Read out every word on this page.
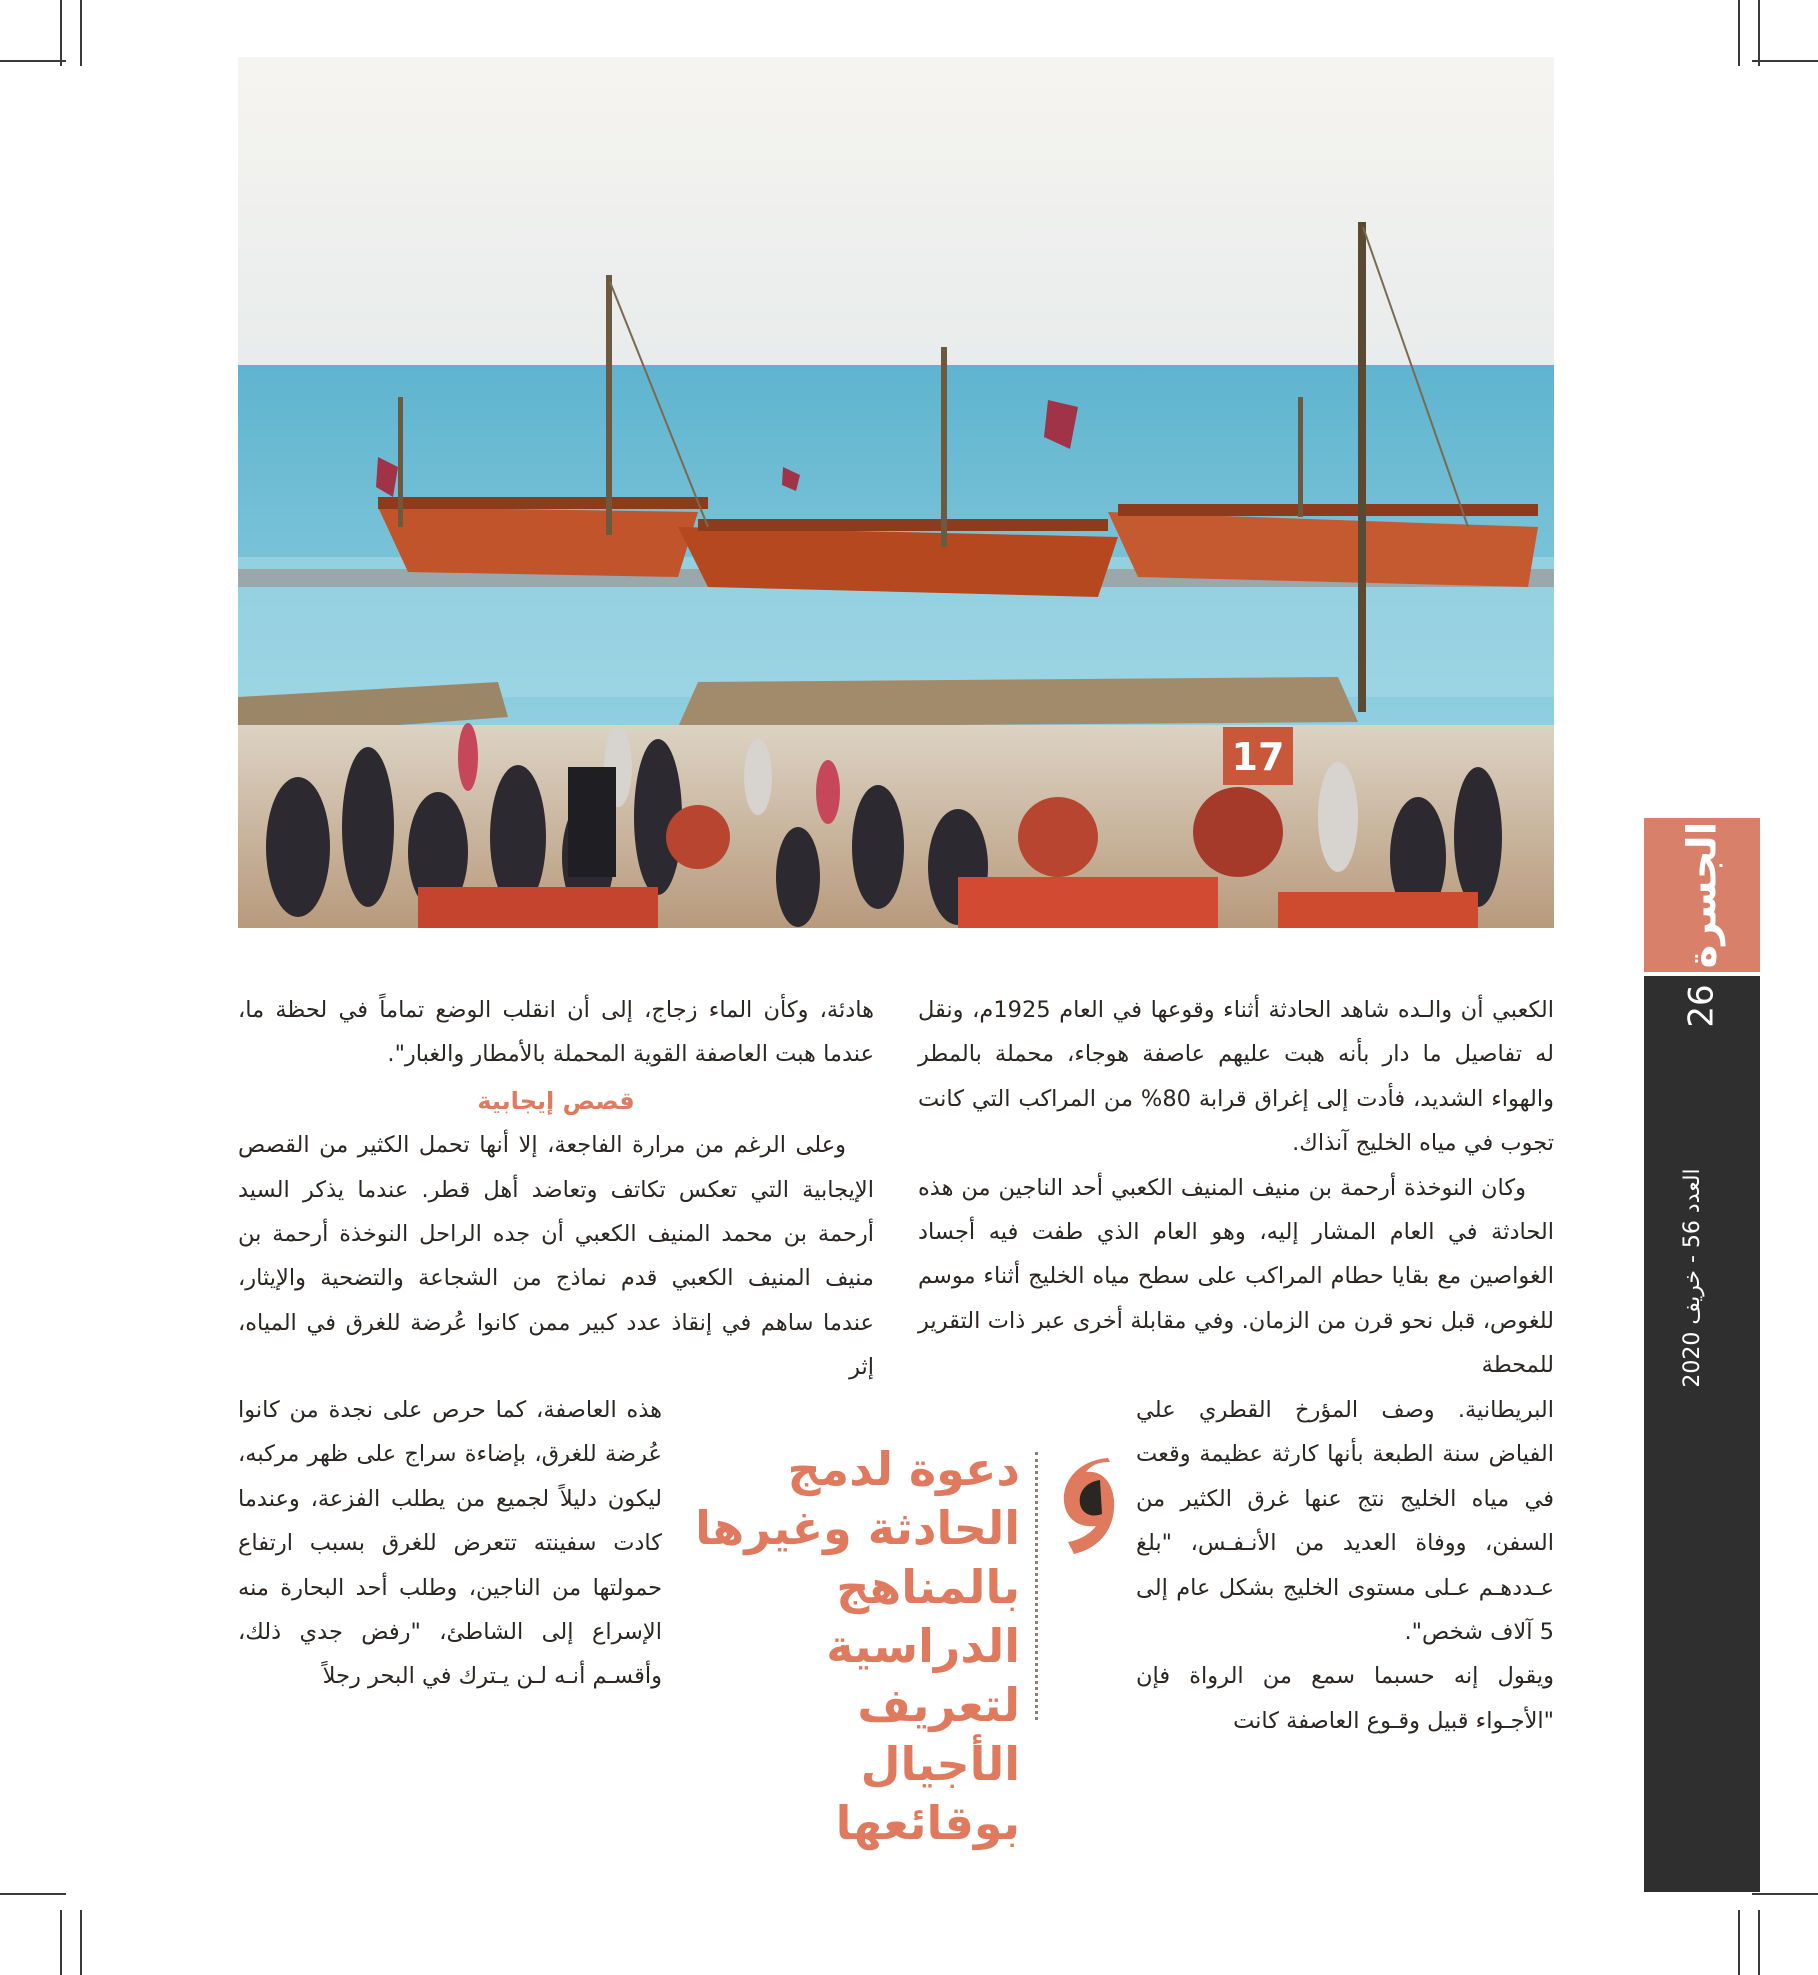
17

الكعبي أن والـده شاهد الحادثة أثناء وقوعها في العام 1925م، ونقل له تفاصيل ما دار بأنه هبت عليهم عاصفة هوجاء، محملة بالمطر والهواء الشديد، فأدت إلى إغراق قرابة 80% من المراكب التي كانت تجوب في مياه الخليج آنذاك.

وكان النوخذة أرحمة بن منيف المنيف الكعبي أحد الناجين من هذه الحادثة في العام المشار إليه، وهو العام الذي طفت فيه أجساد الغواصين مع بقايا حطام المراكب على سطح مياه الخليج أثناء موسم للغوص، قبل نحو قرن من الزمان. وفي مقابلة أخرى عبر ذات التقرير للمحطة

البريطانية. وصف المؤرخ القطري علي الفياض سنة الطبعة بأنها كارثة عظيمة وقعت في مياه الخليج نتج عنها غرق الكثير من السفن، ووفاة العديد من الأنـفـس، "بلغ عـددهـم عـلى مستوى الخليج بشكل عام إلى 5 آلاف شخص".

ويقول إنه حسبما سمع من الرواة فإن "الأجـواء قبيل وقـوع العاصفة كانت

هادئة، وكأن الماء زجاج، إلى أن انقلب الوضع تماماً في لحظة ما، عندما هبت العاصفة القوية المحملة بالأمطار والغبار".

قصص إيجابية

وعلى الرغم من مرارة الفاجعة، إلا أنها تحمل الكثير من القصص الإيجابية التي تعكس تكاتف وتعاضد أهل قطر. عندما يذكر السيد أرحمة بن محمد المنيف الكعبي أن جده الراحل النوخذة أرحمة بن منيف المنيف الكعبي قدم نماذج من الشجاعة والتضحية والإيثار، عندما ساهم في إنقاذ عدد كبير ممن كانوا عُرضة للغرق في المياه، إثر

هذه العاصفة، كما حرص على نجدة من كانوا عُرضة للغرق، بإضاءة سراج على ظهر مركبه، ليكون دليلاً لجميع من يطلب الفزعة، وعندما كادت سفينته تتعرض للغرق بسبب ارتفاع حمولتها من الناجين، وطلب أحد البحارة منه الإسراع إلى الشاطئ، "رفض جدي ذلك، وأقسـم أنـه لـن يـترك في البحر رجلاً

دعوة لدمج الحادثة وغيرها بالمناهج الدراسية لتعريف الأجيال بوقائعها
الجسرة
26
العدد 56 - خريف 2020
